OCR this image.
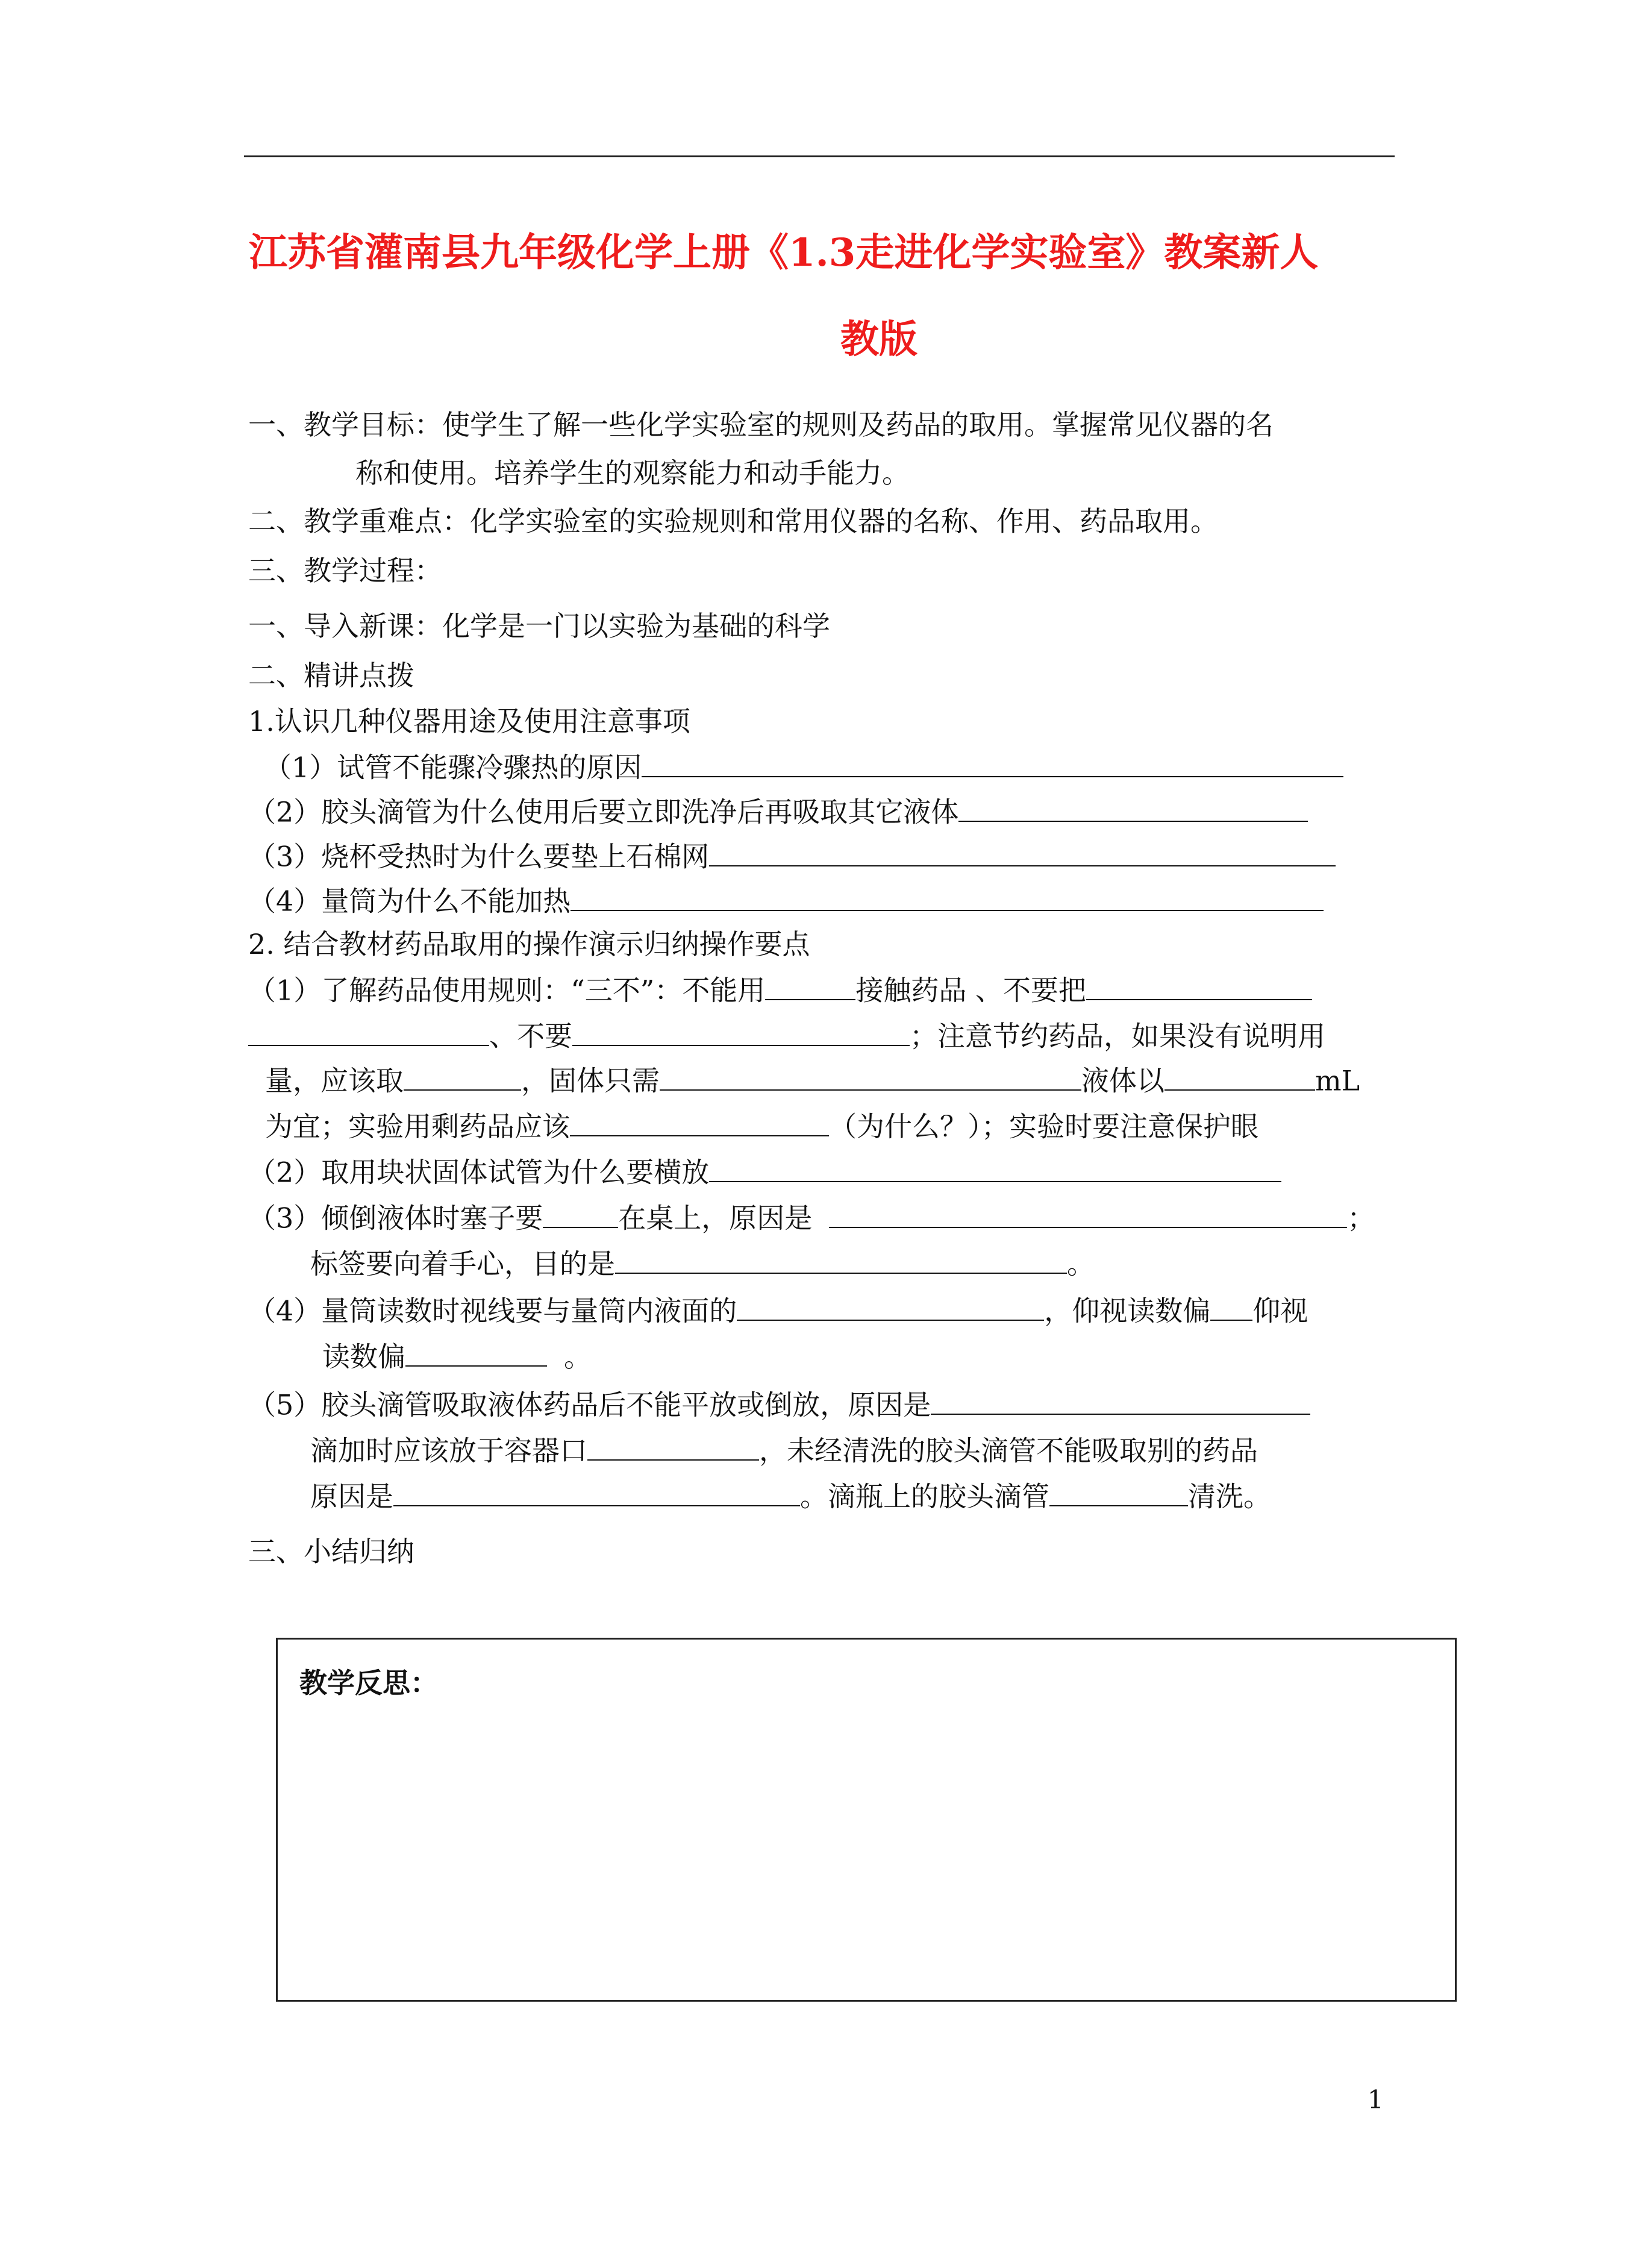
江苏省灌南县九年级化学上册《1.3走进化学实验室》教案新人
教版
一、教学目标：使学生了解一些化学实验室的规则及药品的取用。掌握常见仪器的名
称和使用。培养学生的观察能力和动手能力。
二、教学重难点：化学实验室的实验规则和常用仪器的名称、作用、药品取用。
三、教学过程：
一、导入新课：化学是一门以实验为基础的科学
二、精讲点拨
1.认识几种仪器用途及使用注意事项
（1）试管不能骤冷骤热的原因
（2）胶头滴管为什么使用后要立即洗净后再吸取其它液体
（3）烧杯受热时为什么要垫上石棉网
（4）量筒为什么不能加热
2. 结合教材药品取用的操作演示归纳操作要点
（1）了解药品使用规则：“三不”：不能用	接触药品 、不要把
、不要	；注意节约药品，如果没有说明用
量，应该取	，固体只需	液体以	mL
为宜；实验用剩药品应该	（为什么？）；实验时要注意保护眼
（2）取用块状固体试管为什么要横放
（3）倾倒液体时塞子要	在桌上，原因是	；
标签要向着手心，目的是	。
（4）量筒读数时视线要与量筒内液面的	，仰视读数偏 仰视
读数偏	。
（5）胶头滴管吸取液体药品后不能平放或倒放，原因是
滴加时应该放于容器口	，未经清洗的胶头滴管不能吸取别的药品
原因是	。滴瓶上的胶头滴管	清洗。
三、小结归纳
教学反思：
1
